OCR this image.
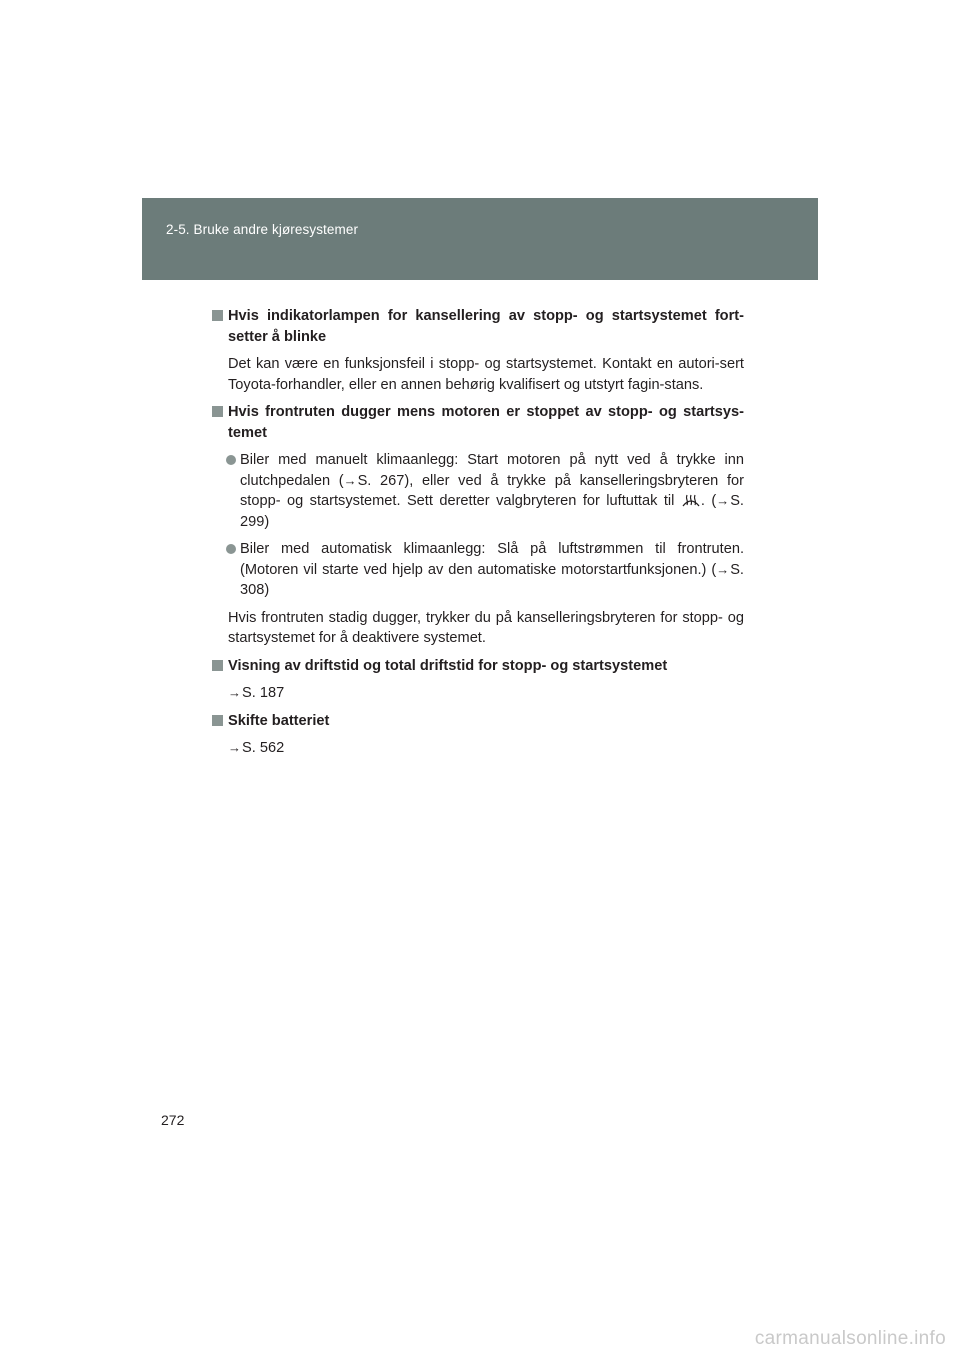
2-5. Bruke andre kjøresystemer
Hvis indikatorlampen for kansellering av stopp- og startsystemet fort-setter å blinke
Det kan være en funksjonsfeil i stopp- og startsystemet. Kontakt en autori-sert Toyota-forhandler, eller en annen behørig kvalifisert og utstyrt fagin-stans.
Hvis frontruten dugger mens motoren er stoppet av stopp- og startsys-temet
Biler med manuelt klimaanlegg: Start motoren på nytt ved å trykke inn clutchpedalen (→S. 267), eller ved å trykke på kanselleringsbryteren for stopp- og startsystemet. Sett deretter valgbryteren for luftuttak til . (→S. 299)
Biler med automatisk klimaanlegg: Slå på luftstrømmen til frontruten. (Motoren vil starte ved hjelp av den automatiske motorstartfunksjonen.) (→S. 308)
Hvis frontruten stadig dugger, trykker du på kanselleringsbryteren for stopp- og startsystemet for å deaktivere systemet.
Visning av driftstid og total driftstid for stopp- og startsystemet
→S. 187
Skifte batteriet
→S. 562
272
carmanualsonline.info
